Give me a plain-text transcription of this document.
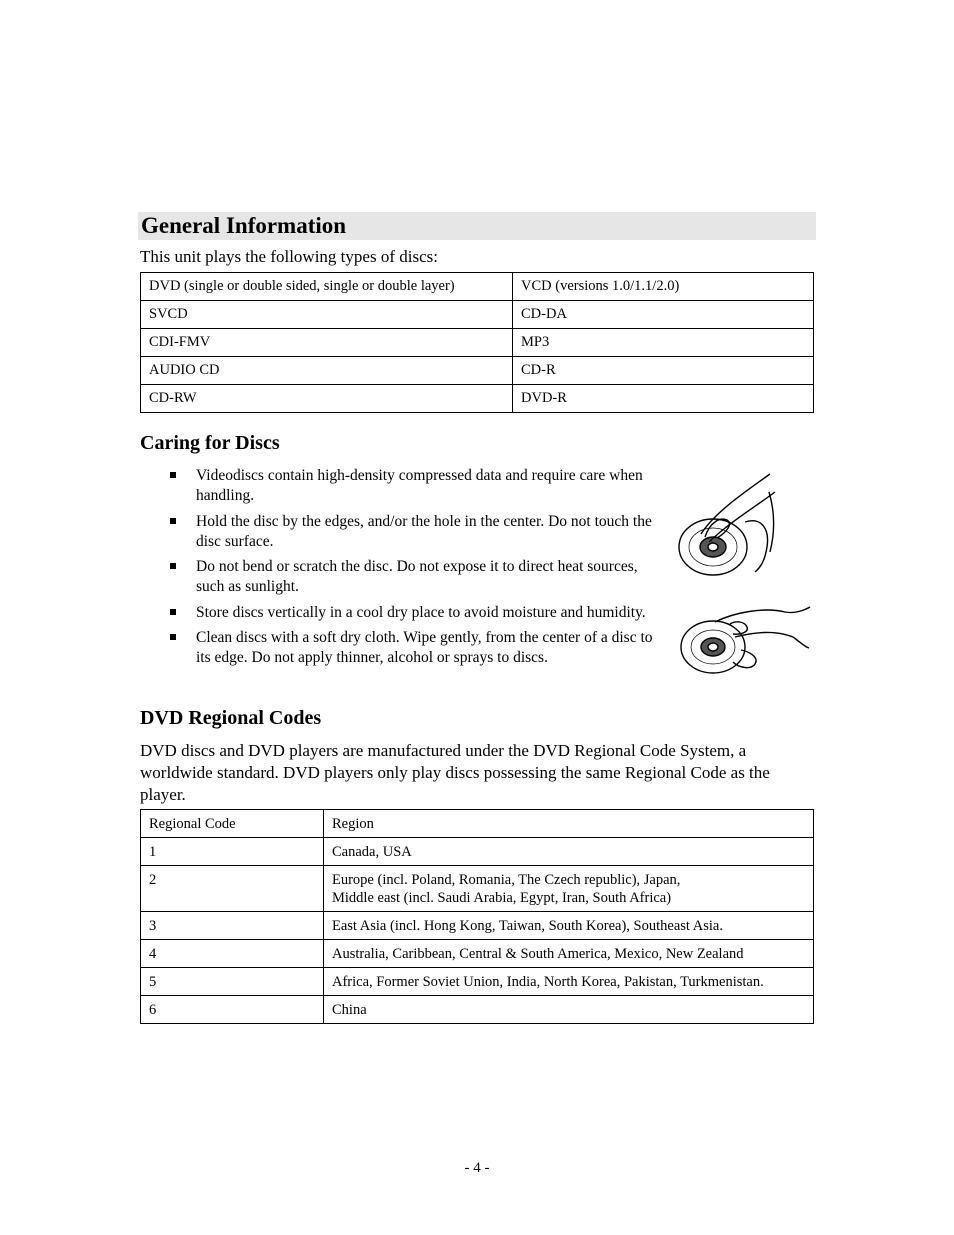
General Information
This unit plays the following types of discs:
DVD (single or double sided, single or double layer)	VCD (versions 1.0/1.1/2.0)
SVCD	CD-DA
CDI-FMV	MP3
AUDIO CD	CD-R
CD-RW	DVD-R
Caring for Discs
Videodiscs contain high-density compressed data and require care when handling.
Hold the disc by the edges, and/or the hole in the center. Do not touch the disc surface.
Do not bend or scratch the disc. Do not expose it to direct heat sources, such as sunlight.
Store discs vertically in a cool dry place to avoid moisture and humidity.
Clean discs with a soft dry cloth. Wipe gently, from the center of a disc to its edge. Do not apply thinner, alcohol or sprays to discs.
DVD Regional Codes
DVD discs and DVD players are manufactured under the DVD Regional Code System, a worldwide standard. DVD players only play discs possessing the same Regional Code as the player.
Regional Code	Region
1	Canada, USA
2	Europe (incl. Poland, Romania, The Czech republic), Japan,
Middle east (incl. Saudi Arabia, Egypt, Iran, South Africa)
3	East Asia (incl. Hong Kong, Taiwan, South Korea), Southeast Asia.
4	Australia, Caribbean, Central & South America, Mexico, New Zealand
5	Africa, Former Soviet Union, India, North Korea, Pakistan, Turkmenistan.
6	China
- 4 -
